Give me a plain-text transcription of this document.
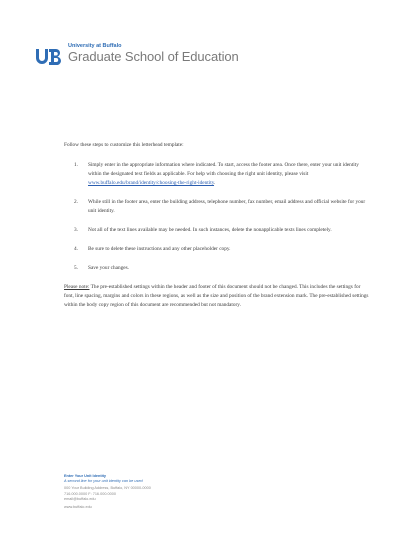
University at Buffalo
Graduate School of Education

Follow these steps to customize this letterhead template:

1.	Simply enter in the appropriate information where indicated. To start, access the footer area. Once there, enter your unit identity within the designated text fields as applicable. For help with choosing the right unit identity, please visit www.buffalo.edu/brand/identity/choosing-the-right-identity.
2.	While still in the footer area, enter the building address, telephone number, fax number, email address and official website for your unit identity.
3.	Not all of the text lines available may be needed. In such instances, delete the nonapplicable texts lines completely.
4.	Be sure to delete these instructions and any other placeholder copy.
5.	Save your changes.

Please note: The pre-established settings within the header and footer of this document should not be changed. This includes the settings for font, line spacing, margins and colors in these regions, as well as the size and position of the brand extension mark. The pre-established settings within the body copy region of this document are recommended but not mandatory.

Enter Your Unit Identity
A second line for your unit identity can be used
000 Your Building Address, Buffalo, NY 00000-0000
716.000.0000 F: 716.000.0000
email@buffalo.edu
www.buffalo.edu
